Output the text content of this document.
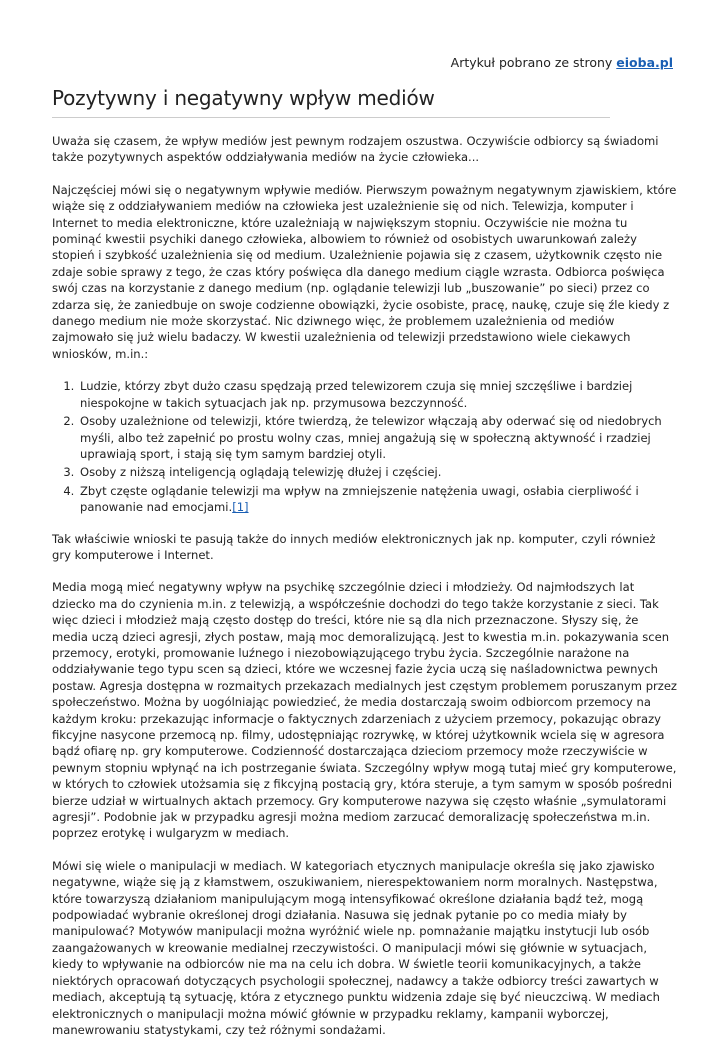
Artykuł pobrano ze strony eioba.pl
Pozytywny i negatywny wpływ mediów

Uważa się czasem, że wpływ mediów jest pewnym rodzajem oszustwa. Oczywiście odbiorcy są świadomi także pozytywnych aspektów oddziaływania mediów na życie człowieka...

Najczęściej mówi się o negatywnym wpływie mediów. Pierwszym poważnym negatywnym zjawiskiem, które wiąże się z oddziaływaniem mediów na człowieka jest uzależnienie się od nich. Telewizja, komputer i Internet to media elektroniczne, które uzależniają w największym stopniu. Oczywiście nie można tu pominąć kwestii psychiki danego człowieka, albowiem to również od osobistych uwarunkowań zależy stopień i szybkość uzależnienia się od medium. Uzależnienie pojawia się z czasem, użytkownik często nie zdaje sobie sprawy z tego, że czas który poświęca dla danego medium ciągle wzrasta. Odbiorca poświęca swój czas na korzystanie z danego medium (np. oglądanie telewizji lub „buszowanie” po sieci) przez co zdarza się, że zaniedbuje on swoje codzienne obowiązki, życie osobiste, pracę, naukę, czuje się źle kiedy z danego medium nie może skorzystać. Nic dziwnego więc, że problemem uzależnienia od mediów zajmowało się już wielu badaczy. W kwestii uzależnienia od telewizji przedstawiono wiele ciekawych wniosków, m.in.:

1. Ludzie, którzy zbyt dużo czasu spędzają przed telewizorem czuja się mniej szczęśliwe i bardziej niespokojne w takich sytuacjach jak np. przymusowa bezczynność.
2. Osoby uzależnione od telewizji, które twierdzą, że telewizor włączają aby oderwać się od niedobrych myśli, albo też zapełnić po prostu wolny czas, mniej angażują się w społeczną aktywność i rzadziej uprawiają sport, i stają się tym samym bardziej otyli.
3. Osoby z niższą inteligencją oglądają telewizję dłużej i częściej.
4. Zbyt częste oglądanie telewizji ma wpływ na zmniejszenie natężenia uwagi, osłabia cierpliwość i panowanie nad emocjami.[1]

Tak właściwie wnioski te pasują także do innych mediów elektronicznych jak np. komputer, czyli również gry komputerowe i Internet.

Media mogą mieć negatywny wpływ na psychikę szczególnie dzieci i młodzieży. Od najmłodszych lat dziecko ma do czynienia m.in. z telewizją, a współcześnie dochodzi do tego także korzystanie z sieci. Tak więc dzieci i młodzież mają często dostęp do treści, które nie są dla nich przeznaczone. Słyszy się, że media uczą dzieci agresji, złych postaw, mają moc demoralizującą. Jest to kwestia m.in. pokazywania scen przemocy, erotyki, promowanie luźnego i niezobowiązującego trybu życia. Szczególnie narażone na oddziaływanie tego typu scen są dzieci, które we wczesnej fazie życia uczą się naśladownictwa pewnych postaw. Agresja dostępna w rozmaitych przekazach medialnych jest częstym problemem poruszanym przez społeczeństwo. Można by uogólniając powiedzieć, że media dostarczają swoim odbiorcom przemocy na każdym kroku: przekazując informacje o faktycznych zdarzeniach z użyciem przemocy, pokazując obrazy fikcyjne nasycone przemocą np. filmy, udostępniając rozrywkę, w której użytkownik wciela się w agresora bądź ofiarę np. gry komputerowe. Codzienność dostarczająca dzieciom przemocy może rzeczywiście w pewnym stopniu wpłynąć na ich postrzeganie świata. Szczególny wpływ mogą tutaj mieć gry komputerowe, w których to człowiek utożsamia się z fikcyjną postacią gry, która steruje, a tym samym w sposób pośredni bierze udział w wirtualnych aktach przemocy. Gry komputerowe nazywa się często właśnie „symulatorami agresji”. Podobnie jak w przypadku agresji można mediom zarzucać demoralizację społeczeństwa m.in. poprzez erotykę i wulgaryzm w mediach.

Mówi się wiele o manipulacji w mediach. W kategoriach etycznych manipulacje określa się jako zjawisko negatywne, wiąże się ją z kłamstwem, oszukiwaniem, nierespektowaniem norm moralnych. Następstwa, które towarzyszą działaniom manipulującym mogą intensyfikować określone działania bądź też, mogą podpowiadać wybranie określonej drogi działania. Nasuwa się jednak pytanie po co media miały by manipulować? Motywów manipulacji można wyróżnić wiele np. pomnażanie majątku instytucji lub osób zaangażowanych w kreowanie medialnej rzeczywistości. O manipulacji mówi się głównie w sytuacjach, kiedy to wpływanie na odbiorców nie ma na celu ich dobra. W świetle teorii komunikacyjnych, a także niektórych opracowań dotyczących psychologii społecznej, nadawcy a także odbiorcy treści zawartych w mediach, akceptują tą sytuację, która z etycznego punktu widzenia zdaje się być nieuczciwą. W mediach elektronicznych o manipulacji można mówić głównie w przypadku reklamy, kampanii wyborczej, manewrowaniu statystykami, czy też różnymi sondażami.
